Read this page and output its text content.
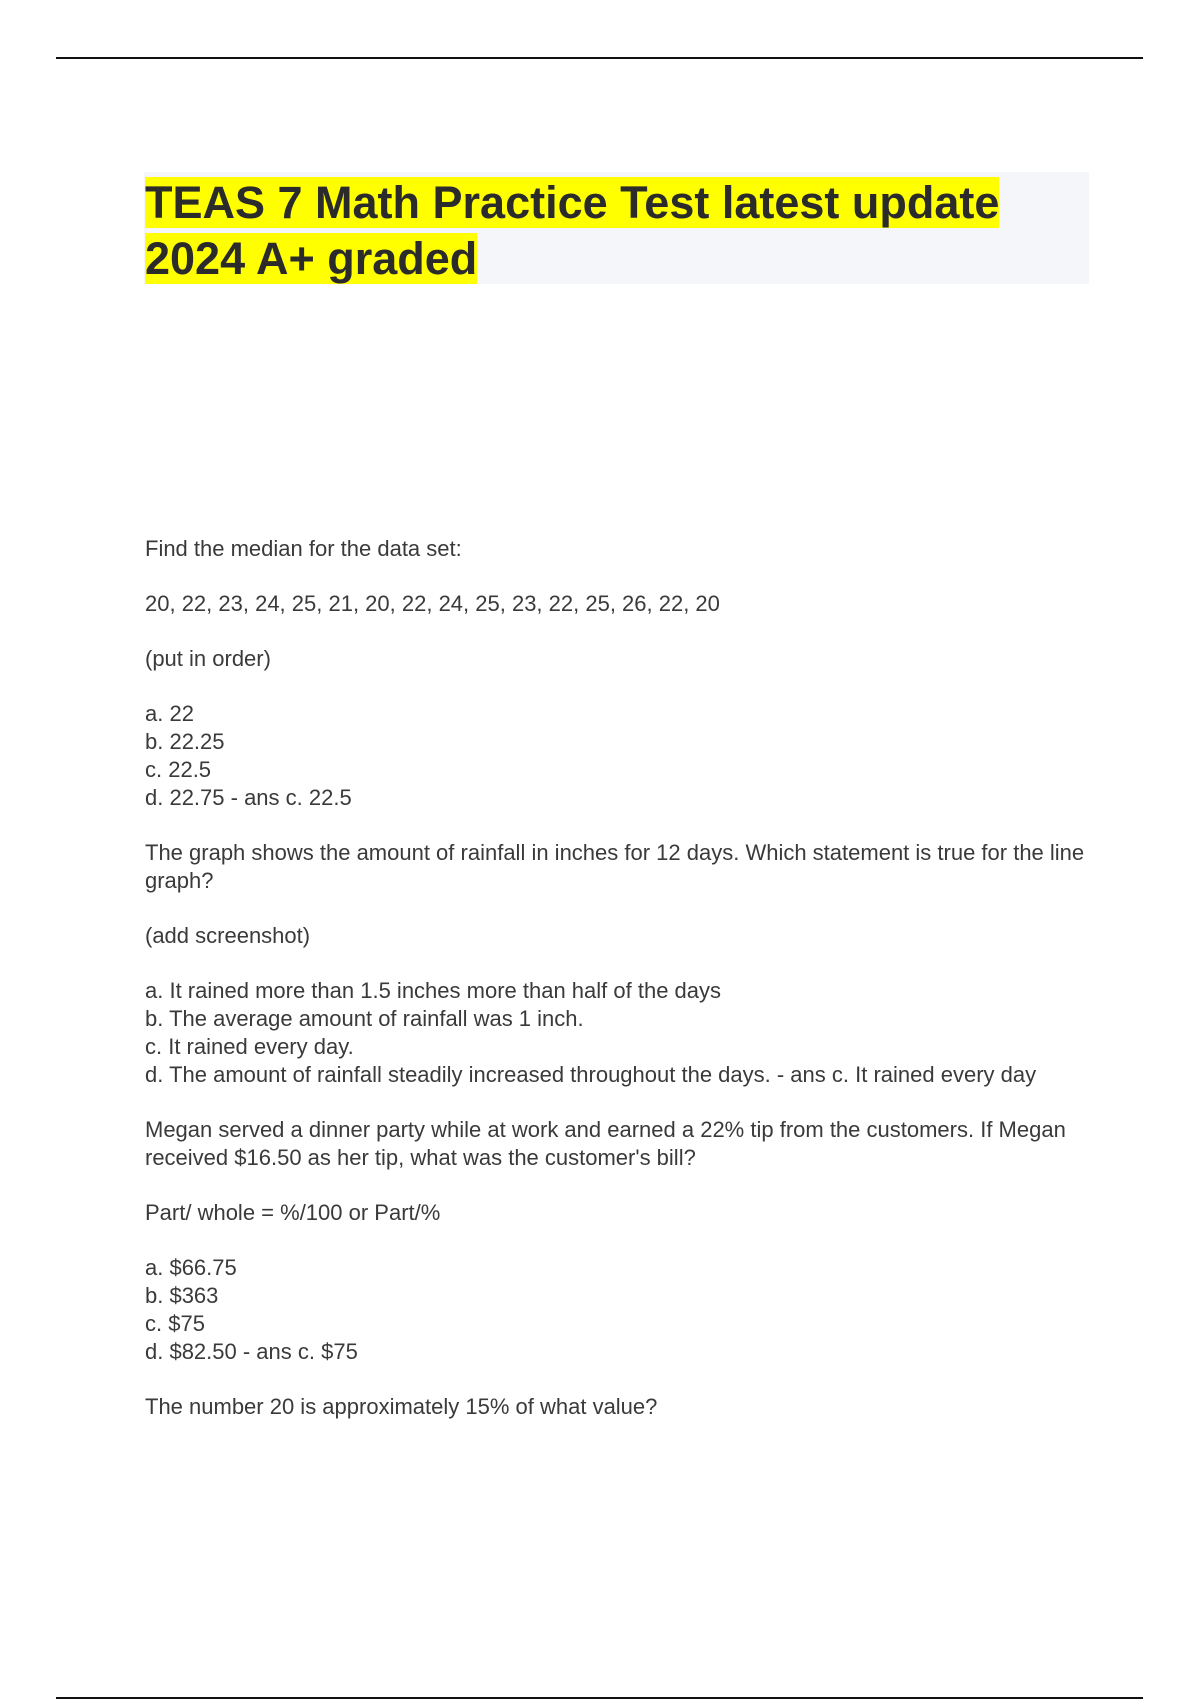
TEAS 7 Math Practice Test latest update
2024 A+ graded
Find the median for the data set:
20, 22, 23, 24, 25, 21, 20, 22, 24, 25, 23, 22, 25, 26, 22, 20
(put in order)
a. 22
b. 22.25
c. 22.5
d. 22.75 - ans c. 22.5
The graph shows the amount of rainfall in inches for 12 days. Which statement is true for the line graph?
(add screenshot)
a. It rained more than 1.5 inches more than half of the days
b. The average amount of rainfall was 1 inch.
c. It rained every day.
d. The amount of rainfall steadily increased throughout the days. - ans c. It rained every day
Megan served a dinner party while at work and earned a 22% tip from the customers. If Megan received $16.50 as her tip, what was the customer's bill?
Part/ whole = %/100 or Part/%
a. $66.75
b. $363
c. $75
d. $82.50 - ans c. $75
The number 20 is approximately 15% of what value?
